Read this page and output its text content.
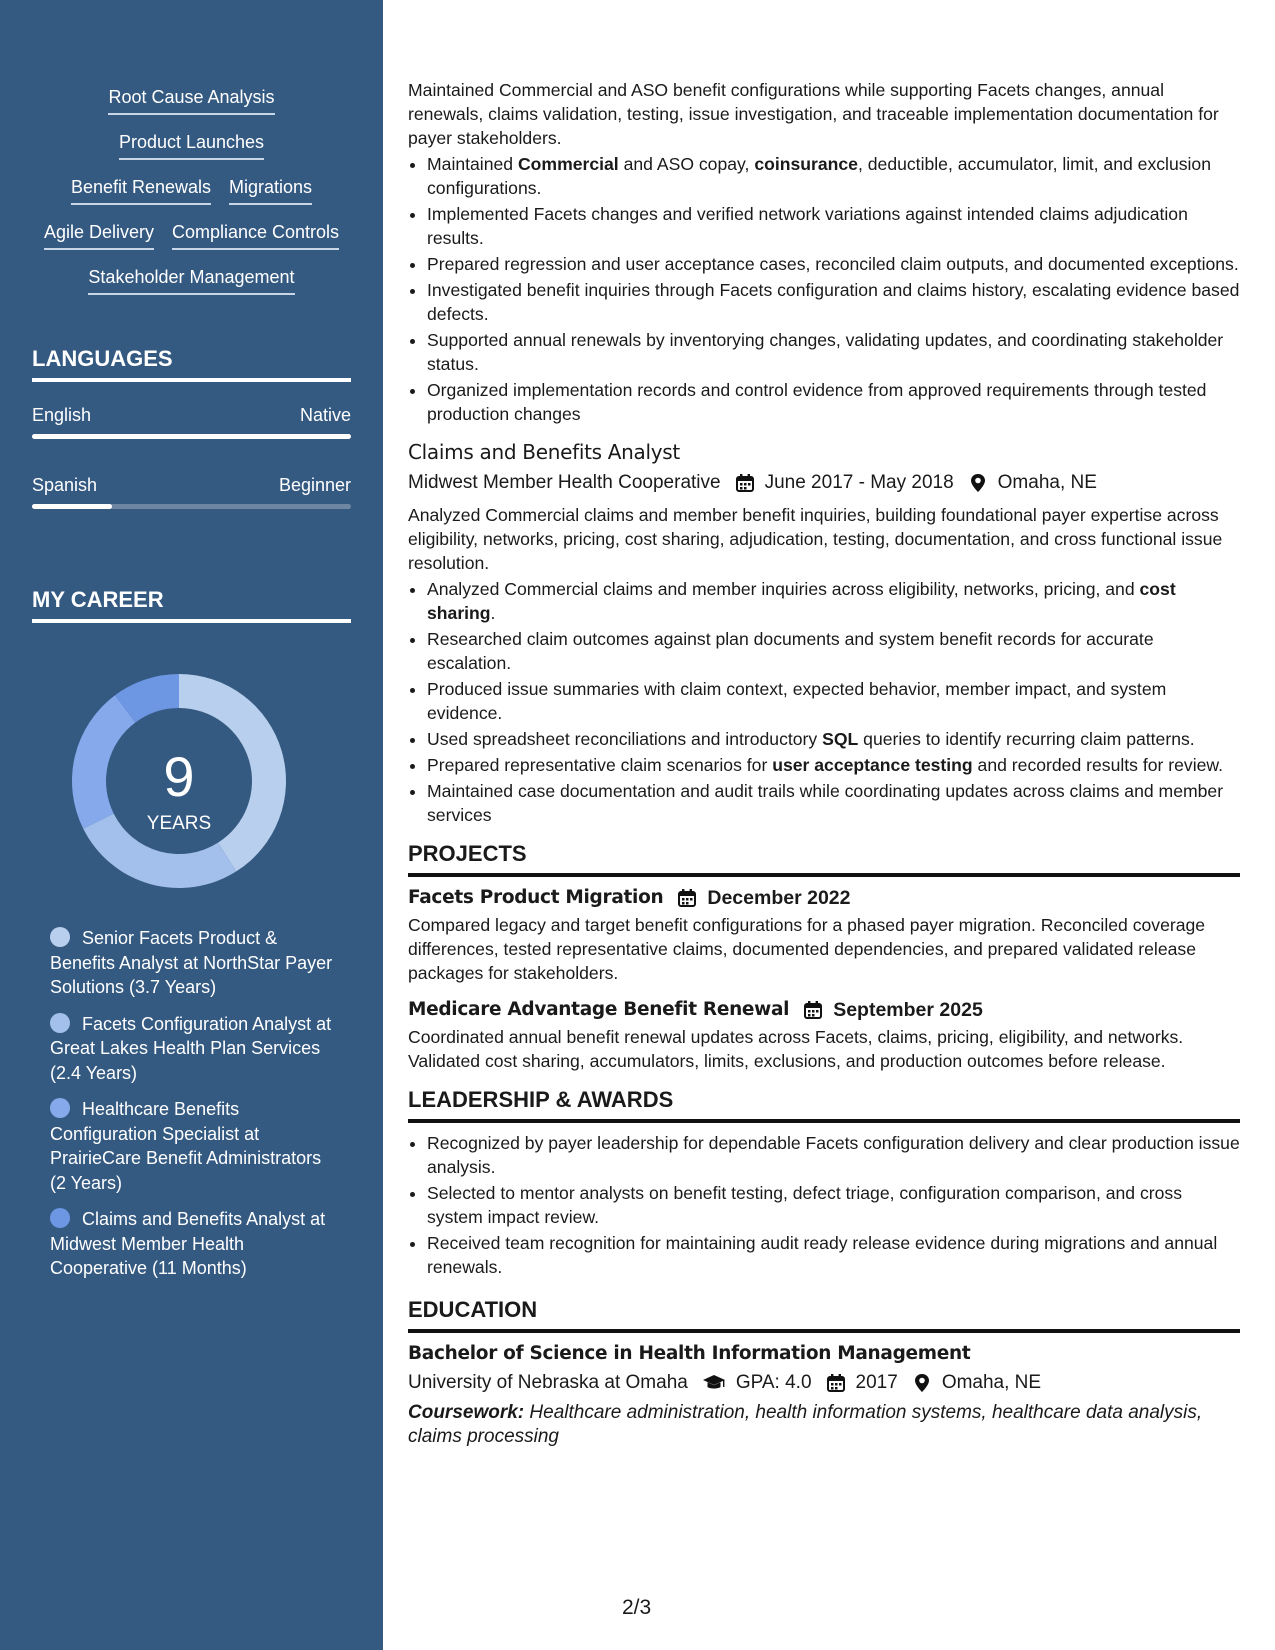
Root Cause Analysis
Product Launches
Benefit Renewals Migrations
Agile Delivery Compliance Controls
Stakeholder Management
LANGUAGES
English	Native
Spanish	Beginner
MY CAREER
9
YEARS
Senior Facets Product & Benefits Analyst at NorthStar Payer Solutions (3.7 Years)
Facets Configuration Analyst at Great Lakes Health Plan Services (2.4 Years)
Healthcare Benefits Configuration Specialist at PrairieCare Benefit Administrators (2 Years)
Claims and Benefits Analyst at Midwest Member Health Cooperative (11 Months)

Maintained Commercial and ASO benefit configurations while supporting Facets changes, annual renewals, claims validation, testing, issue investigation, and traceable implementation documentation for payer stakeholders.

• Maintained Commercial and ASO copay, coinsurance, deductible, accumulator, limit, and exclusion configurations.
• Implemented Facets changes and verified network variations against intended claims adjudication results.
• Prepared regression and user acceptance cases, reconciled claim outputs, and documented exceptions.
• Investigated benefit inquiries through Facets configuration and claims history, escalating evidence based defects.
• Supported annual renewals by inventorying changes, validating updates, and coordinating stakeholder status.
• Organized implementation records and control evidence from approved requirements through tested production changes
Claims and Benefits Analyst
Midwest Member Health Cooperative June 2017 - May 2018 Omaha, NE

Analyzed Commercial claims and member benefit inquiries, building foundational payer expertise across eligibility, networks, pricing, cost sharing, adjudication, testing, documentation, and cross functional issue resolution.

• Analyzed Commercial claims and member inquiries across eligibility, networks, pricing, and cost sharing.
• Researched claim outcomes against plan documents and system benefit records for accurate escalation.
• Produced issue summaries with claim context, expected behavior, member impact, and system evidence.
• Used spreadsheet reconciliations and introductory SQL queries to identify recurring claim patterns.
• Prepared representative claim scenarios for user acceptance testing and recorded results for review.
• Maintained case documentation and audit trails while coordinating updates across claims and member services
PROJECTS
Facets Product Migration December 2022

Compared legacy and target benefit configurations for a phased payer migration. Reconciled coverage differences, tested representative claims, documented dependencies, and prepared validated release packages for stakeholders.

Medicare Advantage Benefit Renewal September 2025

Coordinated annual benefit renewal updates across Facets, claims, pricing, eligibility, and networks. Validated cost sharing, accumulators, limits, exclusions, and production outcomes before release.

LEADERSHIP & AWARDS
• Recognized by payer leadership for dependable Facets configuration delivery and clear production issue analysis.
• Selected to mentor analysts on benefit testing, defect triage, configuration comparison, and cross system impact review.
• Received team recognition for maintaining audit ready release evidence during migrations and annual renewals.
EDUCATION
Bachelor of Science in Health Information Management
University of Nebraska at Omaha	GPA: 4.0 2017 Omaha, NE
Coursework: Healthcare administration, health information systems, healthcare data analysis, claims processing
2/3
